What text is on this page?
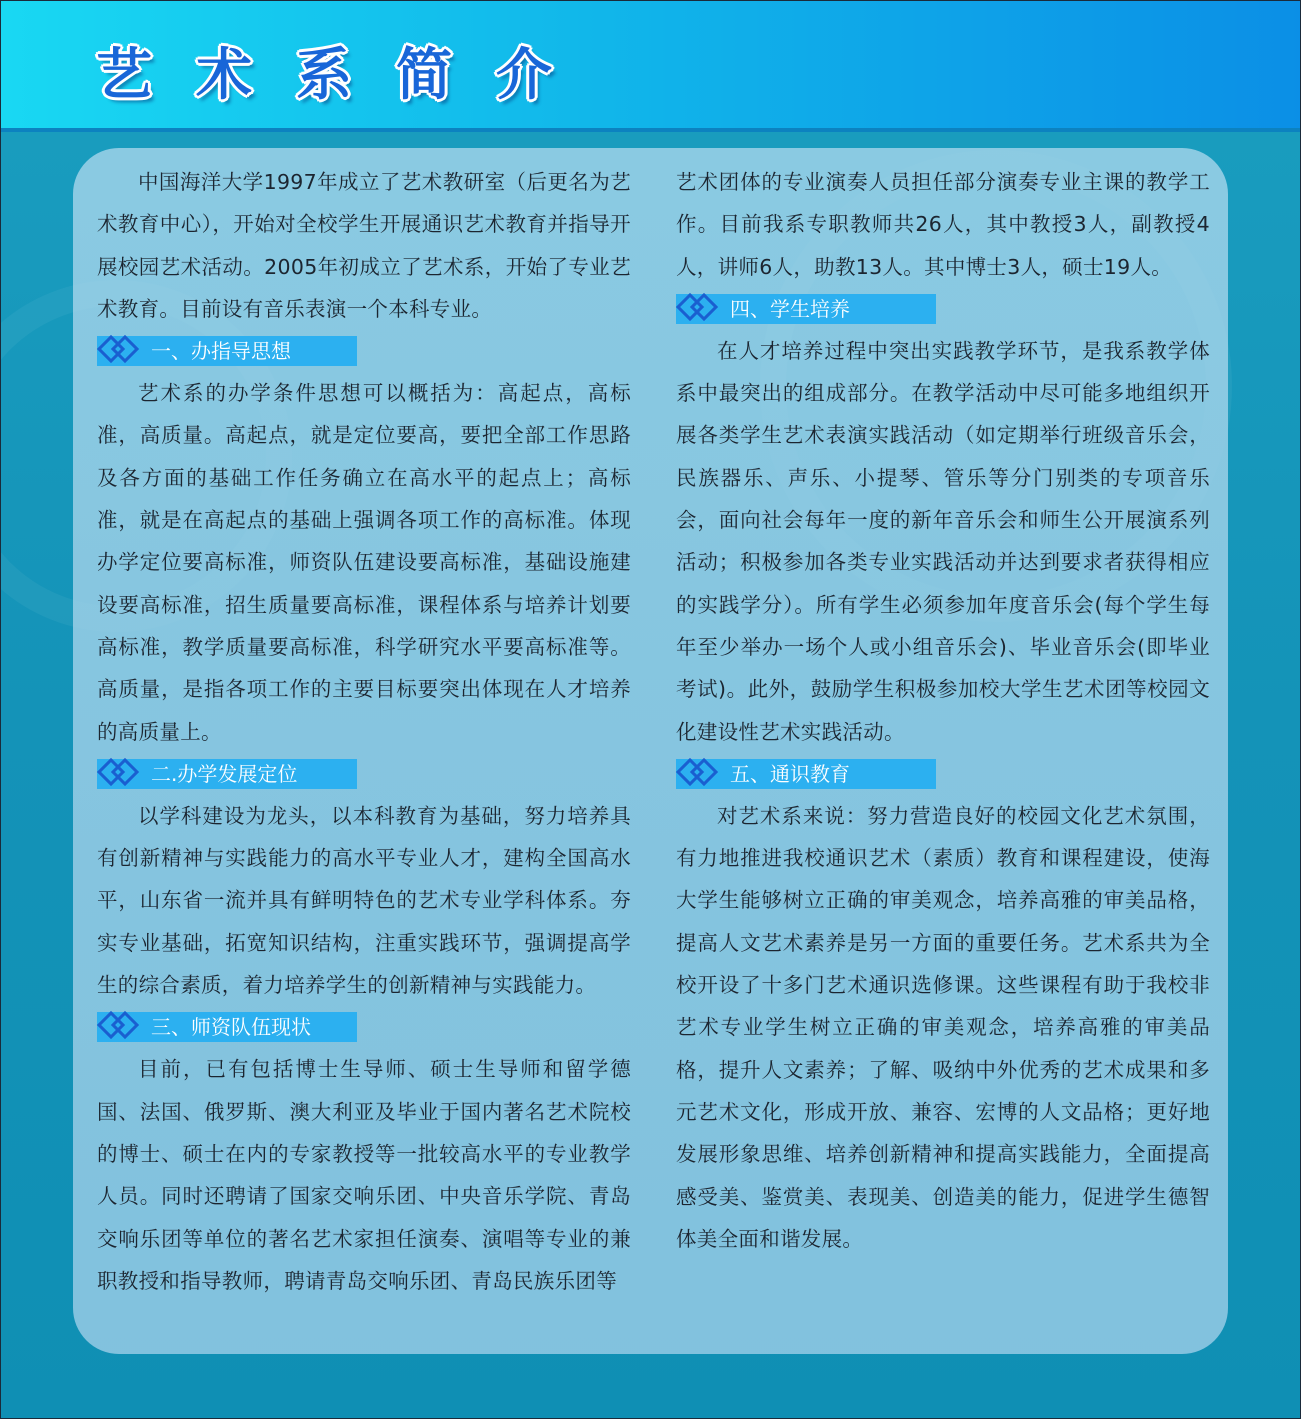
艺术系简介

中国海洋大学1997年成立了艺术教研室（后更名为艺术教育中心），开始对全校学生开展通识艺术教育并指导开展校园艺术活动。2005年初成立了艺术系，开始了专业艺术教育。目前设有音乐表演一个本科专业。

一、办指导思想

艺术系的办学条件思想可以概括为：高起点，高标准，高质量。高起点，就是定位要高，要把全部工作思路及各方面的基础工作任务确立在高水平的起点上；高标准，就是在高起点的基础上强调各项工作的高标准。体现办学定位要高标准，师资队伍建设要高标准，基础设施建设要高标准，招生质量要高标准，课程体系与培养计划要高标准，教学质量要高标准，科学研究水平要高标准等。高质量，是指各项工作的主要目标要突出体现在人才培养的高质量上。

二.办学发展定位

以学科建设为龙头，以本科教育为基础，努力培养具有创新精神与实践能力的高水平专业人才，建构全国高水平，山东省一流并具有鲜明特色的艺术专业学科体系。夯实专业基础，拓宽知识结构，注重实践环节，强调提高学生的综合素质，着力培养学生的创新精神与实践能力。

三、师资队伍现状

目前，已有包括博士生导师、硕士生导师和留学德国、法国、俄罗斯、澳大利亚及毕业于国内著名艺术院校的博士、硕士在内的专家教授等一批较高水平的专业教学人员。同时还聘请了国家交响乐团、中央音乐学院、青岛交响乐团等单位的著名艺术家担任演奏、演唱等专业的兼职教授和指导教师，聘请青岛交响乐团、青岛民族乐团等

艺术团体的专业演奏人员担任部分演奏专业主课的教学工作。目前我系专职教师共26人，其中教授3人，副教授4人，讲师6人，助教13人。其中博士3人，硕士19人。

四、学生培养

在人才培养过程中突出实践教学环节，是我系教学体系中最突出的组成部分。在教学活动中尽可能多地组织开展各类学生艺术表演实践活动（如定期举行班级音乐会，民族器乐、声乐、小提琴、管乐等分门别类的专项音乐会，面向社会每年一度的新年音乐会和师生公开展演系列活动；积极参加各类专业实践活动并达到要求者获得相应的实践学分）。所有学生必须参加年度音乐会(每个学生每年至少举办一场个人或小组音乐会)、毕业音乐会(即毕业考试)。此外，鼓励学生积极参加校大学生艺术团等校园文化建设性艺术实践活动。

五、通识教育

对艺术系来说：努力营造良好的校园文化艺术氛围，有力地推进我校通识艺术（素质）教育和课程建设，使海大学生能够树立正确的审美观念，培养高雅的审美品格，提高人文艺术素养是另一方面的重要任务。艺术系共为全校开设了十多门艺术通识选修课。这些课程有助于我校非艺术专业学生树立正确的审美观念，培养高雅的审美品格，提升人文素养；了解、吸纳中外优秀的艺术成果和多元艺术文化，形成开放、兼容、宏博的人文品格；更好地发展形象思维、培养创新精神和提高实践能力，全面提高感受美、鉴赏美、表现美、创造美的能力，促进学生德智体美全面和谐发展。
